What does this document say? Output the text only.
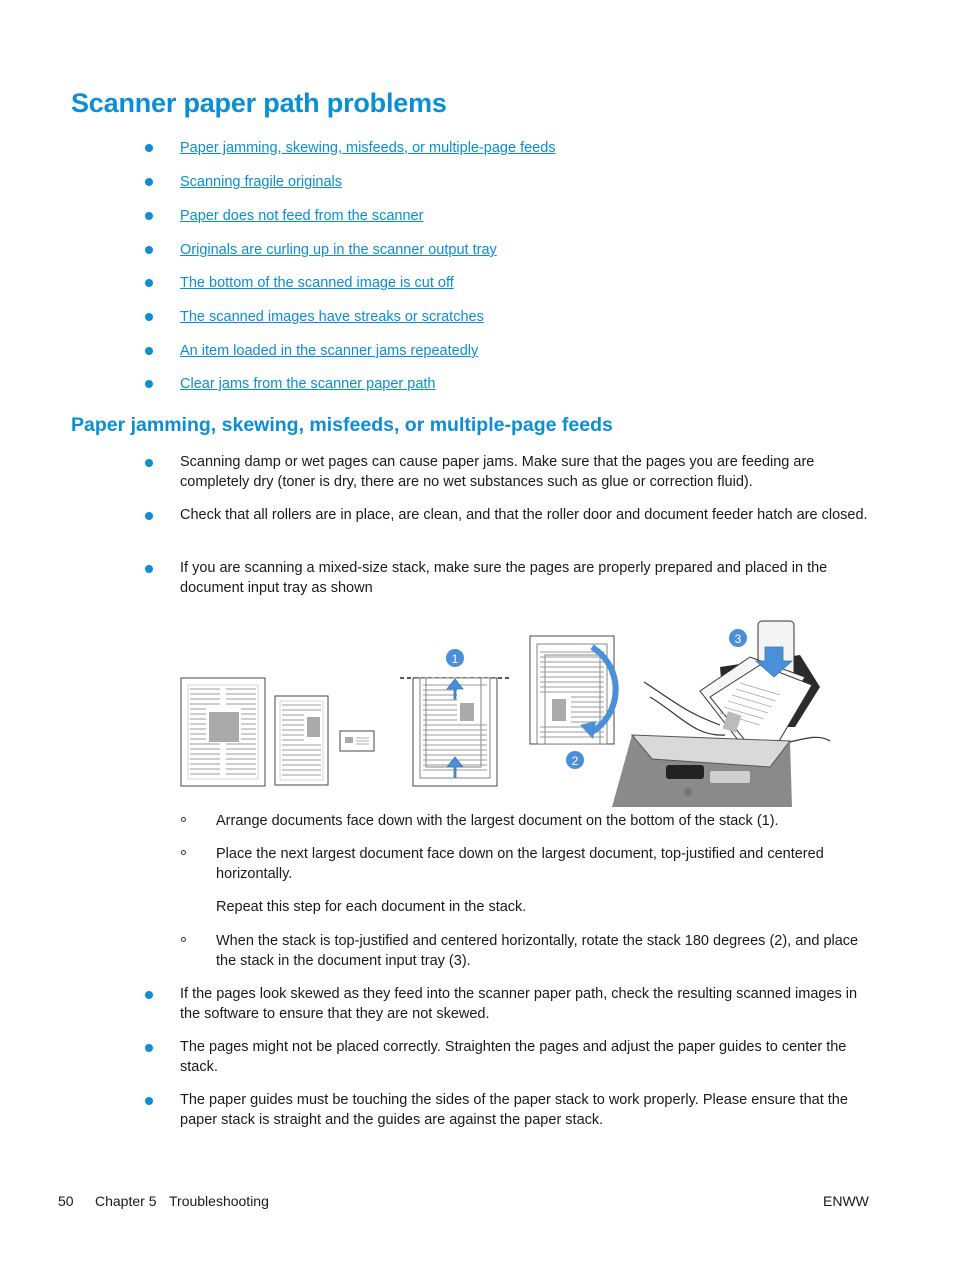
Scanner paper path problems
Paper jamming, skewing, misfeeds, or multiple-page feeds
Scanning fragile originals
Paper does not feed from the scanner
Originals are curling up in the scanner output tray
The bottom of the scanned image is cut off
The scanned images have streaks or scratches
An item loaded in the scanner jams repeatedly
Clear jams from the scanner paper path
Paper jamming, skewing, misfeeds, or multiple-page feeds
Scanning damp or wet pages can cause paper jams. Make sure that the pages you are feeding are completely dry (toner is dry, there are no wet substances such as glue or correction fluid).
Check that all rollers are in place, are clean, and that the roller door and document feeder hatch are closed.
If you are scanning a mixed-size stack, make sure the pages are properly prepared and placed in the document input tray as shown
1
2
3
Arrange documents face down with the largest document on the bottom of the stack (1).
Place the next largest document face down on the largest document, top-justified and centered horizontally.
Repeat this step for each document in the stack.
When the stack is top-justified and centered horizontally, rotate the stack 180 degrees (2), and place the stack in the document input tray (3).
If the pages look skewed as they feed into the scanner paper path, check the resulting scanned images in the software to ensure that they are not skewed.
The pages might not be placed correctly. Straighten the pages and adjust the paper guides to center the stack.
The paper guides must be touching the sides of the paper stack to work properly. Please ensure that the paper stack is straight and the guides are against the paper stack.
50 Chapter 5 Troubleshooting	ENWW
